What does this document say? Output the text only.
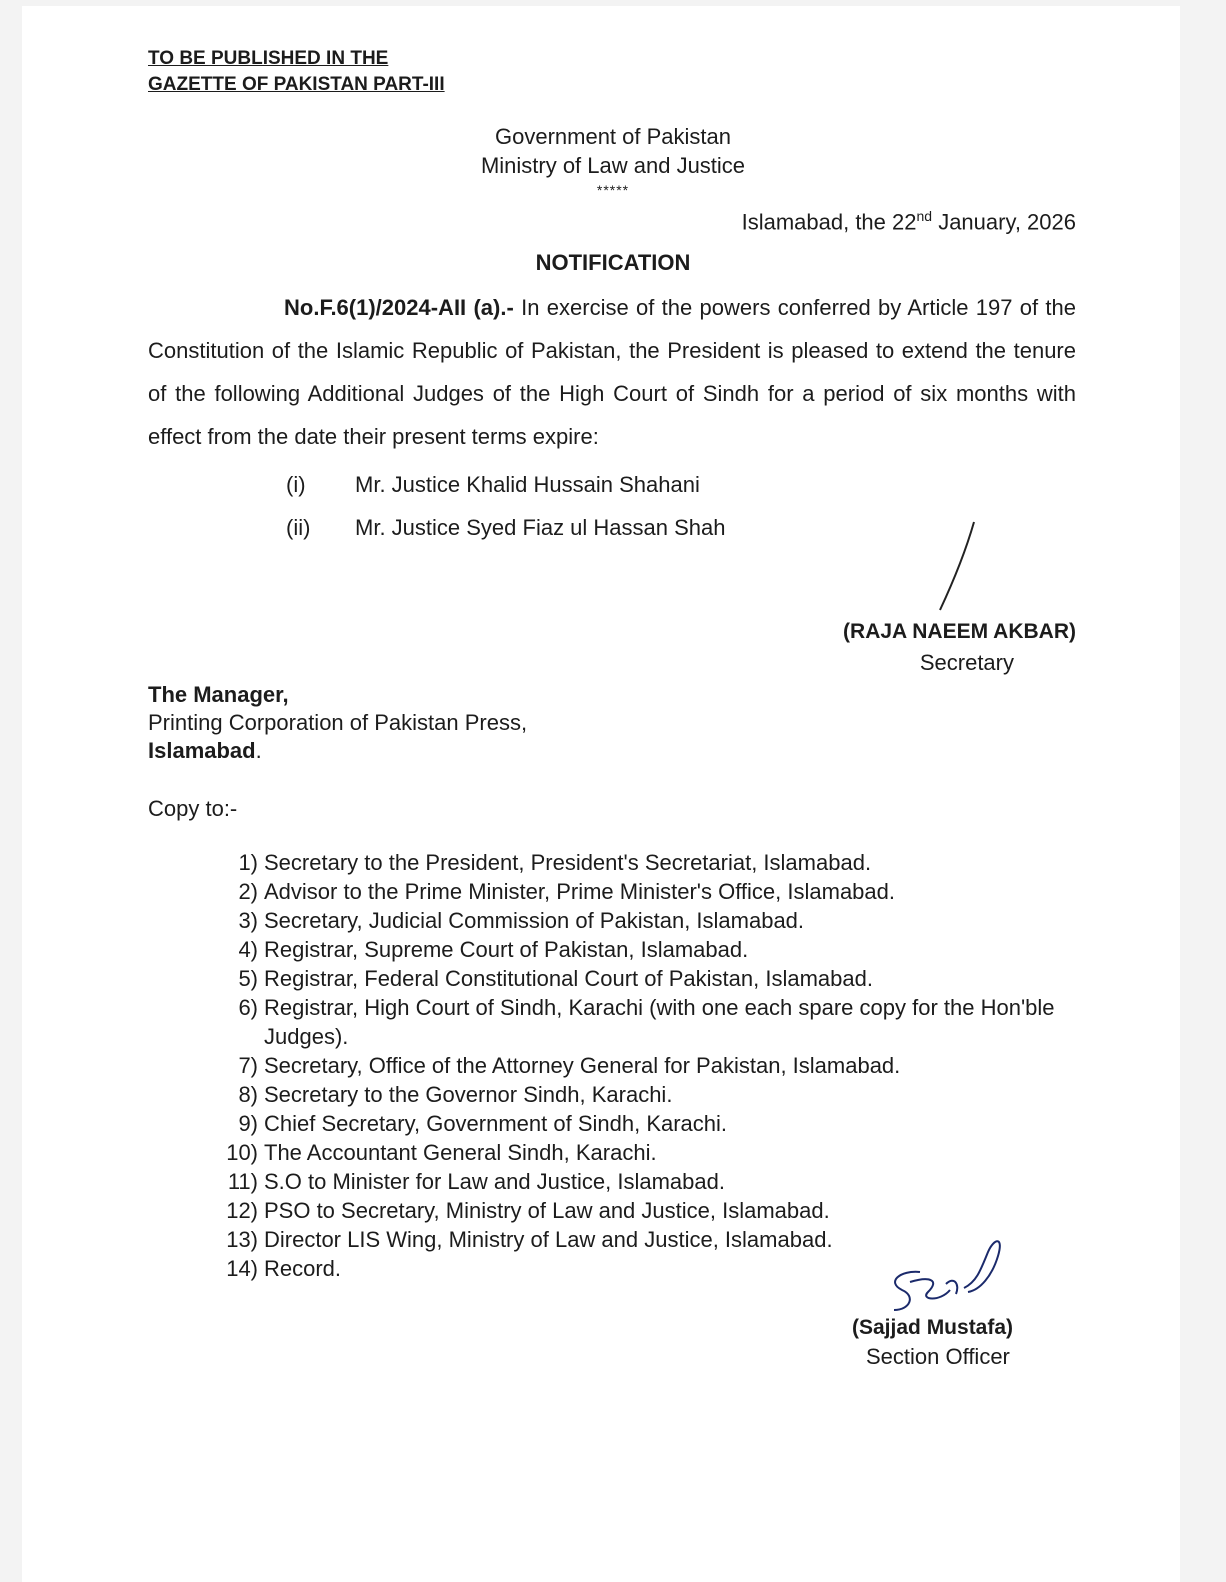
TO BE PUBLISHED IN THE
GAZETTE OF PAKISTAN PART-III
Government of Pakistan
Ministry of Law and Justice
*****
Islamabad, the 22nd January, 2026
NOTIFICATION
No.F.6(1)/2024-AII (a).- In exercise of the powers conferred by Article 197 of the Constitution of the Islamic Republic of Pakistan, the President is pleased to extend the tenure of the following Additional Judges of the High Court of Sindh for a period of six months with effect from the date their present terms expire:
(i) Mr. Justice Khalid Hussain Shahani
(ii) Mr. Justice Syed Fiaz ul Hassan Shah
(RAJA NAEEM AKBAR)
Secretary
The Manager,
Printing Corporation of Pakistan Press,
Islamabad.
Copy to:-
1) Secretary to the President, President's Secretariat, Islamabad.
2) Advisor to the Prime Minister, Prime Minister's Office, Islamabad.
3) Secretary, Judicial Commission of Pakistan, Islamabad.
4) Registrar, Supreme Court of Pakistan, Islamabad.
5) Registrar, Federal Constitutional Court of Pakistan, Islamabad.
6) Registrar, High Court of Sindh, Karachi (with one each spare copy for the Hon'ble Judges).
7) Secretary, Office of the Attorney General for Pakistan, Islamabad.
8) Secretary to the Governor Sindh, Karachi.
9) Chief Secretary, Government of Sindh, Karachi.
10) The Accountant General Sindh, Karachi.
11) S.O to Minister for Law and Justice, Islamabad.
12) PSO to Secretary, Ministry of Law and Justice, Islamabad.
13) Director LIS Wing, Ministry of Law and Justice, Islamabad.
14) Record.
(Sajjad Mustafa)
Section Officer
